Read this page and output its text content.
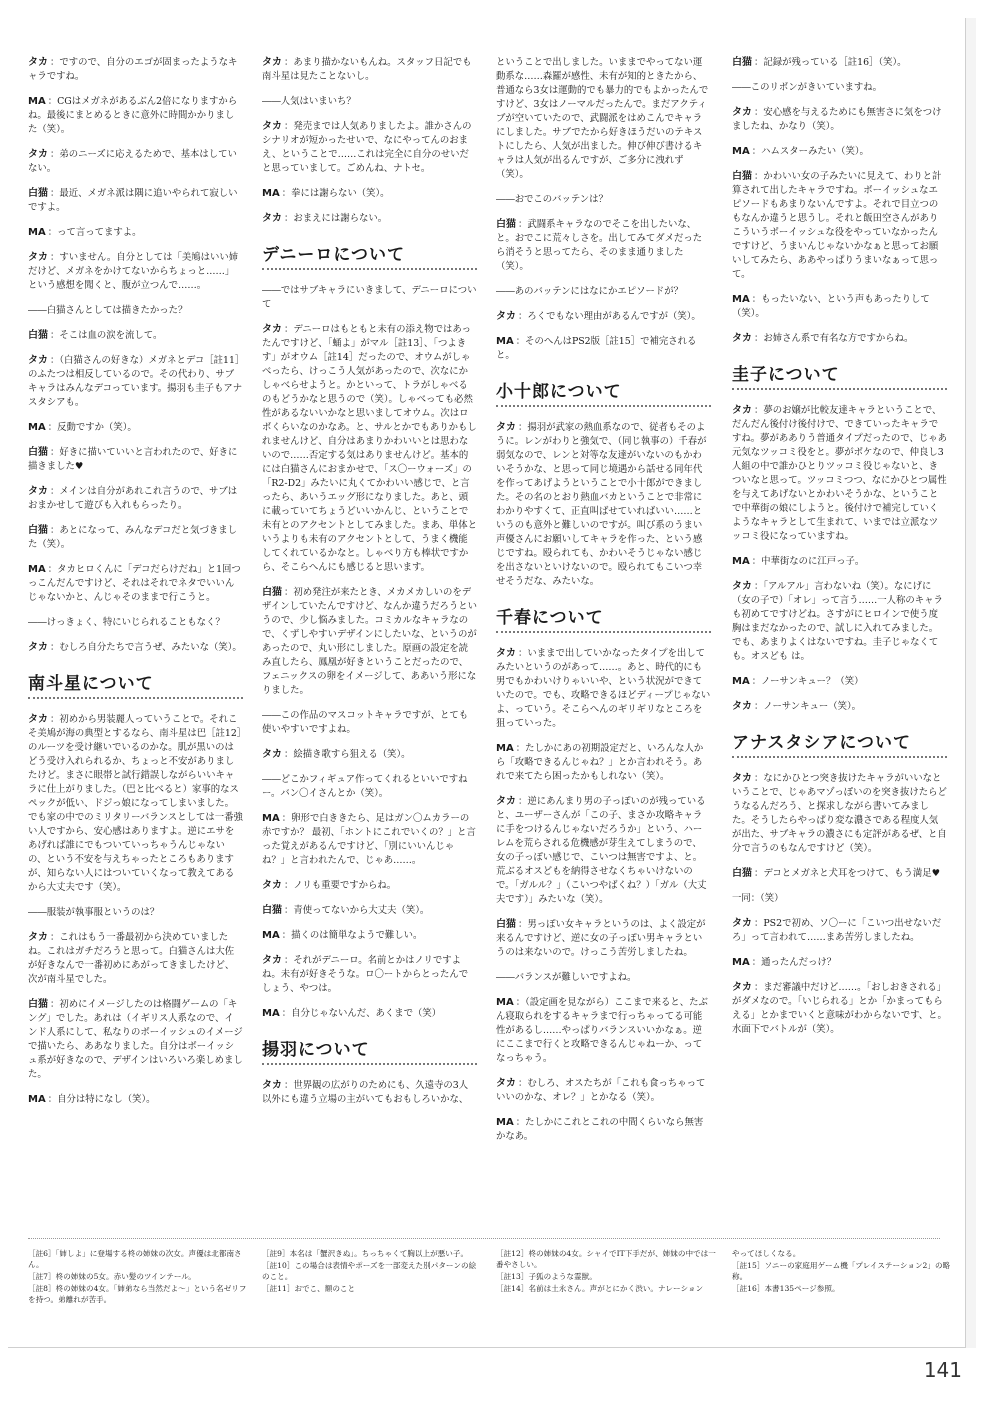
タカ ：ですので、自分のエゴが固まったようなキャラですね。

MA ：CGはメガネがあるぶん2倍になりますからね。最後にまとめるときに意外に時間かかりました（笑）。

タカ ：弟のニーズに応えるためで、基本はしていない。

白猫 ：最近、メガネ派は隅に追いやられて寂しいですよ。

MA ：って言ってますよ。

タカ ：すいません。自分としては「美鳩はいい姉だけど、メガネをかけてないからちょっと……」という感想を聞くと、腹が立つんで……。

――白猫さんとしては描きたかった？

白猫 ：そこは血の涙を流して。

タカ ：（白猫さんの好きな）メガネとデコ［註11］のふたつは相反しているので。その代わり、サブキャラはみんなデコっています。揚羽も圭子もアナスタシアも。

MA ：反動ですか（笑）。

白猫 ：好きに描いていいと言われたので、好きに描きました♥

タカ ：メインは自分があれこれ言うので、サブはおまかせして遊びも入れもらったり。

白猫 ：あとになって、みんなデコだと気づきました（笑）。

MA ：タカヒロくんに「デコだらけだね」と1回つっこんだんですけど、それはそれでネタでいいんじゃないかと、んじゃそのままで行こうと。

――けっきょく、特にいじられることもなく？

タカ ：むしろ自分たちで言うぜ、みたいな（笑）。

南斗星について

タカ ：初めから男装麗人っていうことで。それこそ美鳩が海の典型とするなら、南斗星は巴［註12］のルーツを受け継いでいるのかな。肌が黒いのはどう受け入れられるか、ちょっと不安がありましたけど。まさに眼帯と試行錯誤しながらいいキャラに仕上がりました。（巴と比べると）家事的なスペックが低い、ドジっ娘になってしまいました。でも家の中でのミリタリーバランスとしては一番強い人ですから、安心感はありますよ。逆にエサをあげれば誰にでもついていっちゃうんじゃないの、という不安を与えちゃったところもありますが、知らない人にはついていくなって教えてあるから大丈夫です（笑）。

――服装が執事服というのは？

タカ ：これはもう一番最初から決めていましたね。これはガチだろうと思って。白猫さんは大佐が好きなんで一番初めにあがってきましたけど、次が南斗星でした。

白猫 ：初めにイメージしたのは格闘ゲームの「キング」でした。あれは（イギリス人系なので、インド人系にして、私なりのボーイッシュのイメージで描いたら、ああなりました。自分はボーイッシュ系が好きなので、デザインはいろいろ楽しめました。

MA ：自分は特になし（笑）。

タカ ：あまり描かないもんね。スタッフ日記でも南斗星は見たことないし。

――人気はいまいち？

タカ ：発売までは人気ありましたよ。誰かさんのシナリオが短かったせいで、なにやってんのおまえ、ということで……これは完全に自分のせいだと思っていまして。ごめんね、ナトセ。

MA ：拳には謝らない（笑）。

タカ ：おまえには謝らない。

デニーロについて

――ではサブキャラにいきまして、デニーロについて

タカ ：デニーロはもともと未有の添え物ではあったんですけど、「蛹よ」がマル［註13］、「つよきす」がオウム［註14］だったので、オウムがしゃべったら、けっこう人気があったので、次なにかしゃべらせようと。かといって、トラがしゃべるのもどうかなと思うので（笑）。しゃべっても必然性があるないいかなと思いましてオウム。次はロボくらいなのかなあ。と、サルとかでもありかもしれませんけど、自分はあまりかわいいとは思わないので……否定する気はありませんけど。基本的には白猫さんにおまかせで、「ス〇ーウォーズ」の「R2-D2」みたいに丸くてかわいい感じで、と言ったら、あいうエッグ形になりました。あと、頭に載っていてちょうどいいかんじ、ということで未有とのアクセントとしてみました。まあ、単体というよりも未有のアクセントとして、うまく機能してくれているかなと。しゃべり方も棒状ですから、そこらへんにも感じると思います。

白猫 ：初め発注が来たとき、メカメカしいのをデザインしていたんですけど、なんか違うだろうというので、少し悩みました。コミカルなキャラなので、くずしやすいデザインにしたいな、というのがあったので、丸い形にしました。原画の設定を読み直したら、鳳凰が好きということだったので、フェニックスの卵をイメージして、ああいう形になりました。

――この作品のマスコットキャラですが、とても使いやすいですよね。

タカ ：絵描き歌すら狙える（笑）。

――どこかフィギュア作ってくれるといいですねー。バン〇イさんとか（笑）。

MA ：卵形で白ききたら、足はガン〇ムカラーの赤ですか？ 最初、「ホントにこれでいくの？」と言った覚えがあるんですけど、「別にいいんじゃね？」と言われたんで、じゃあ……。

タカ ：ノリも重要ですからね。

白猫 ：青使ってないから大丈夫（笑）。

MA ：描くのは簡単なようで難しい。

タカ ：それがデニーロ。名前とかはノリですよね。未有が好きそうな。ロ〇ートからとったんでしょう、やつは。

MA ：自分じゃないんだ、あくまで（笑）

揚羽について

タカ ：世界観の広がりのためにも、久遠寺の3人以外にも違う立場の主がいてもおもしろいかな、

ということで出しました。いままでやってない運動系な……森羅が感性、未有が知的ときたから、普通なら3女は運動的でも暴力的でもよかったんですけど、3女はノーマルだったんで。まだアクティブが空いていたので、武闘派をはめこんでキャラにしました。サブでたから好きほうだいのテキストにしたら、人気が出ました。伸び伸び書けるキャラは人気が出るんですが、ご多分に洩れず（笑）。

――おでこのバッテンは？

白猫 ：武闘系キャラなのでそこを出したいな、と。おでこに荒々しさを。出してみてダメだったら消そうと思ってたら、そのまま通りました（笑）。

――あのバッテンにはなにかエピソードが？

タカ ：ろくでもない理由があるんですが（笑）。

MA ：そのへんはPS2版［註15］で補完されると。

小十郎について

タカ ：揚羽が武家の熱血系なので、従者もそのように。レンがわりと強気で、（同じ執事の）千春が弱気なので、レンと対等な友達がいないのもかわいそうかな、と思って同じ境遇から話せる同年代を作ってあげようということで小十郎ができました。その名のとおり熱血バカということで非常にわかりやすくて、正直叫ばせていればいい……というのも意外と難しいのですが。叫び系のうまい声優さんにお願いしてキャラを作った、という感じですね。殴られても、かわいそうじゃない感じを出さないといけないので。殴られてもこいつ幸せそうだな、みたいな。

千春について

タカ ：いままで出していかなったタイプを出してみたいというのがあって……。あと、時代的にも男でもかわいけりゃいいや、という状況ができていたので。でも、攻略できるほどディープじゃないよ、っていう。そこらへんのギリギリなところを狙っていった。

MA ：たしかにあの初期設定だと、いろんな人から「攻略できるんじゃね？」とか言われそう。あれで来てたら困ったかもしれない（笑）。

タカ ：逆にあんまり男の子っぽいのが残っていると、ユーザーさんが「この子、まさか攻略キャラに手をつけるんじゃないだろうか」という、ハーレムを荒らされる危機感が芽生えてしまうので、女の子っぽい感じで、こいつは無害ですよ、と。荒ぶるオスどもを納得させなくちゃいけないので。「ガルル？」（こいつやばくね？）「ガル（大丈夫です）」みたいな（笑）。

白猫 ：男っぽい女キャラというのは、よく設定が来るんですけど、逆に女の子っぽい男キャラというのは来ないので。けっこう苦労しましたね。

――バランスが難しいですよね。

MA ：（設定画を見ながら）ここまで来ると、たぶん寝取られをするキャラまで行っちゃってる可能性があるし……やっぱりバランスいいかなぁ。逆にここまで行くと攻略できるんじゃねーか、ってなっちゃう。

タカ ：むしろ、オスたちが「これも食っちゃっていいのかな、オレ？」とかなる（笑）。

MA ：たしかにこれとこれの中間くらいなら無害かなあ。

白猫 ：記録が残っている［註16］（笑）。

――このリボンがきいていますね。

タカ ：安心感を与えるためにも無害さに気をつけましたね、かなり（笑）。

MA ：ハムスターみたい（笑）。

白猫 ：かわいい女の子みたいに見えて、わりと計算されて出したキャラですね。ボーイッシュなエピソードもあまりないんですよ。それで目立つのもなんか違うと思うし。それと飯田空さんがありこういうボーイッシュな役をやっていなかったんですけど、うまいんじゃないかなぁと思ってお願いしてみたら、ああやっぱりうまいなぁって思って。

MA ：もったいない、という声もあったりして（笑）。

タカ ：お姉さん系で有名な方ですからね。

圭子について

タカ ：夢のお嬢が比較友達キャラということで、だんだん後付け後付けで、できていったキャラですね。夢があありう普通タイプだったので、じゃあ元気なツッコミ役をと。夢がボケなので、仲良し3人組の中で誰かひとりツッコミ役じゃないと、きついなと思って。ツッコミつつ、なにかひとつ属性を与えてあげないとかわいそうかな、ということで中華街の娘にしようと。後付けで補完していくようなキャラとして生まれて、いまでは立派なツッコミ役になっていますね。

MA ：中華街なのに江戸っ子。

タカ ：「アルアル」言わないね（笑）。なにげに（女の子で）「オレ」って言う……一人称のキャラも初めてですけどね。さすがにヒロインで使う度胸はまだなかったので、試しに入れてみました。でも、あまりよくはないですね。圭子じゃなくても。オスども は。

MA ：ノーサンキュー？（笑）

タカ ：ノーサンキュー（笑）。

アナスタシアについて

タカ ：なにかひとつ突き抜けたキャラがいいなということで、じゃあマゾっぽいのを突き抜けたらどうなるんだろう、と探求しながら書いてみました。そうしたらやっぱり変な濃さである程度人気が出た、サブキャラの濃さにも定評があるぜ、と自分で言うのもなんですけど（笑）。

白猫 ：デコとメガネと犬耳をつけて、もう満足♥

一同：（笑）

タカ ：PS2で初め、ソ〇ーに「こいつ出せないだろ」って言われて……まあ苦労しましたね。

MA ：通ったんだっけ？

タカ ：まだ審議中だけど……。「おしおきされる」がダメなので。「いじられる」とか「かまってもらえる」とかまでいくと意味がわからないです、と。水面下でバトルが（笑）。

［註6］「姉しよ」に登場する柊の姉妹の次女。声優は北都南さん。
［註7］柊の姉妹の5女。赤い髪のツインテール。
［註8］柊の姉妹の4女。「姉弟なら当然だよ〜」という名ゼリフを持つ。弟離れが苦手。
［註9］本名は「蟹沢きぬ」。ちっちゃくて胸以上が悪い子。
［註10］この場合は表情やポーズを一部変えた別パターンの絵のこと。
［註11］おでこ、額のこと
［註12］柊の姉妹の4女。シャイでIT下手だが、姉妹の中では一番やさしい。
［註13］子狐のような霊獣。
［註14］名前は土永さん。声がとにかく渋い。ナレーション
やってほしくなる。
［註15］ソニーの家庭用ゲーム機「プレイステーション2」の略称。
［註16］本書135ページ参照。
141
